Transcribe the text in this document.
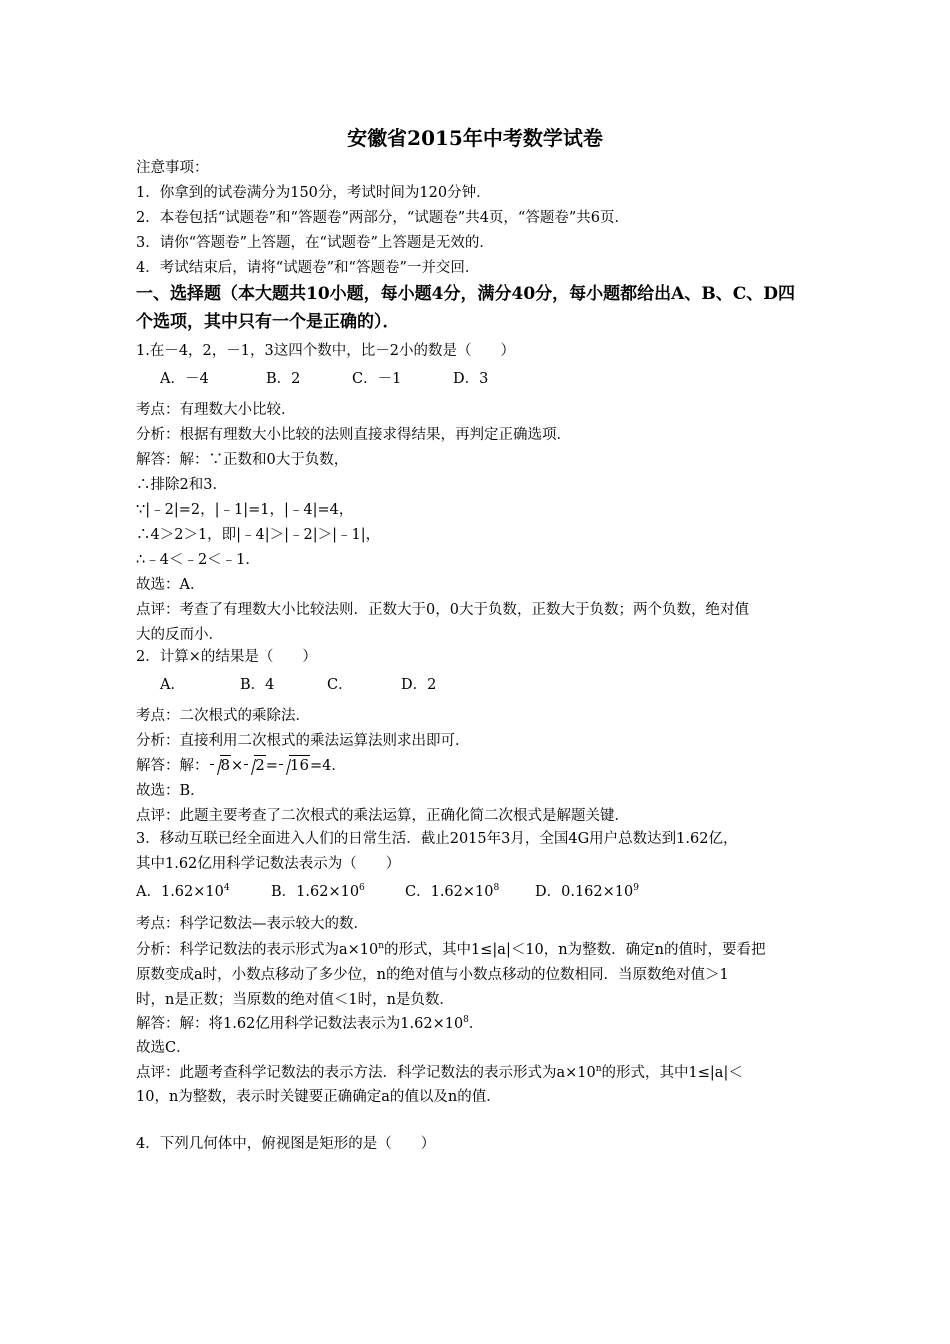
安徽省2015年中考数学试卷
注意事项：
1．你拿到的试卷满分为150分，考试时间为120分钟．
2．本卷包括“试题卷”和“答题卷”两部分，“试题卷”共4页，“答题卷”共6页．
3．请你“答题卷”上答题，在“试题卷”上答题是无效的．
4．考试结束后，请将“试题卷”和“答题卷”一并交回．
一、选择题（本大题共10小题，每小题4分，满分40分，每小题都给出A、B、C、D四
个选项，其中只有一个是正确的）．
1.在－4，2，－1，3这四个数中，比－2小的数是（　　）
A．－4	B．2	C．－1	D．3
考点：有理数大小比较．
分析：根据有理数大小比较的法则直接求得结果，再判定正确选项．
解答：解：∵正数和0大于负数，
∴排除2和3．
∵|﹣2|=2，|﹣1|=1，|﹣4|=4，
∴4＞2＞1，即|﹣4|＞|﹣2|＞|﹣1|，
∴﹣4＜﹣2＜﹣1．
故选：A．
点评：考查了有理数大小比较法则．正数大于0，0大于负数，正数大于负数；两个负数，绝对值
大的反而小．
2．计算×的结果是（　　）
A．	B．4	C．	D．2
考点：二次根式的乘除法．
分析：直接利用二次根式的乘法运算法则求出即可．
解答：解： 8× 2= 16=4．
故选：B．
点评：此题主要考查了二次根式的乘法运算，正确化简二次根式是解题关键．
3．移动互联已经全面进入人们的日常生活．截止2015年3月，全国4G用户总数达到1.62亿，
其中1.62亿用科学记数法表示为（　　）
A．$1.62\times 10^4$	B．$1.62\times 10^6$	C．$1.62\times 10^8$ D．$0.162\times 10^9$
考点：科学记数法—表示较大的数．
分析：科学记数法的表示形式为$a\times 10^n$的形式，其中1≤|a|＜10，n为整数．确定n的值时，要看把
原数变成a时，小数点移动了多少位，n的绝对值与小数点移动的位数相同．当原数绝对值＞1
时，n是正数；当原数的绝对值＜1时，n是负数．
解答：解：将1.62亿用科学记数法表示为$1.62\times 10^8$．
故选C．
点评：此题考查科学记数法的表示方法．科学记数法的表示形式为$a\times 10^n$的形式，其中1≤|a|＜
10，n为整数，表示时关键要正确确定a的值以及n的值．
4．下列几何体中，俯视图是矩形的是（　　）
